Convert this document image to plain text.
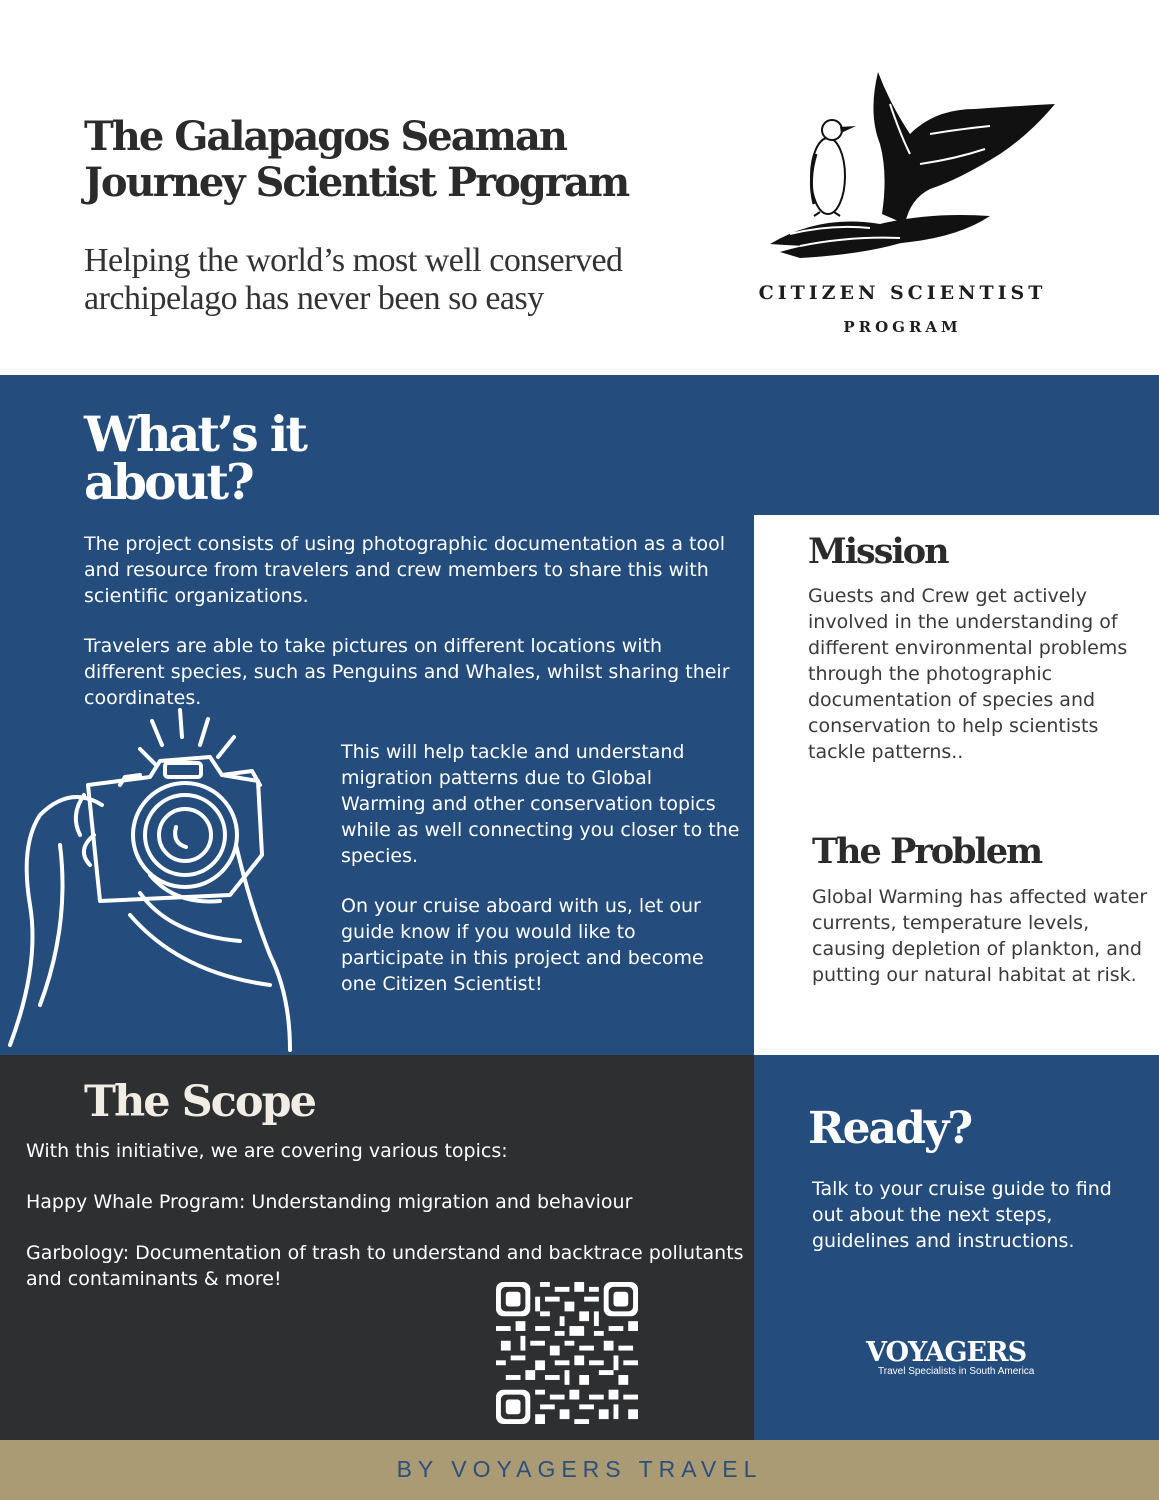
The Galapagos Seaman Journey Scientist Program

Helping the world’s most well conserved archipelago has never been so easy	CITIZEN SCIENTIST
PROGRAM
What’s it about?

The project consists of using photographic documentation as a tool and resource from travelers and crew members to share this with scientific organizations.

Travelers are able to take pictures on different locations with different species, such as Penguins and Whales, whilst sharing their coordinates.

This will help tackle and understand migration patterns due to Global Warming and other conservation topics while as well connecting you closer to the species.

On your cruise aboard with us, let our guide know if you would like to participate in this project and become one Citizen Scientist!

Mission

Guests and Crew get actively involved in the understanding of different environmental problems through the photographic documentation of species and conservation to help scientists tackle patterns..

The Problem

Global Warming has affected water currents, temperature levels, causing depletion of plankton, and putting our natural habitat at risk.

The Scope

With this initiative, we are covering various topics:

Happy Whale Program: Understanding migration and behaviour

Garbology: Documentation of trash to understand and backtrace pollutants and contaminants & more!

Ready?

Talk to your cruise guide to find out about the next steps, guidelines and instructions.

VOYAGERS
Travel Specialists in South America
BY VOYAGERS TRAVEL
